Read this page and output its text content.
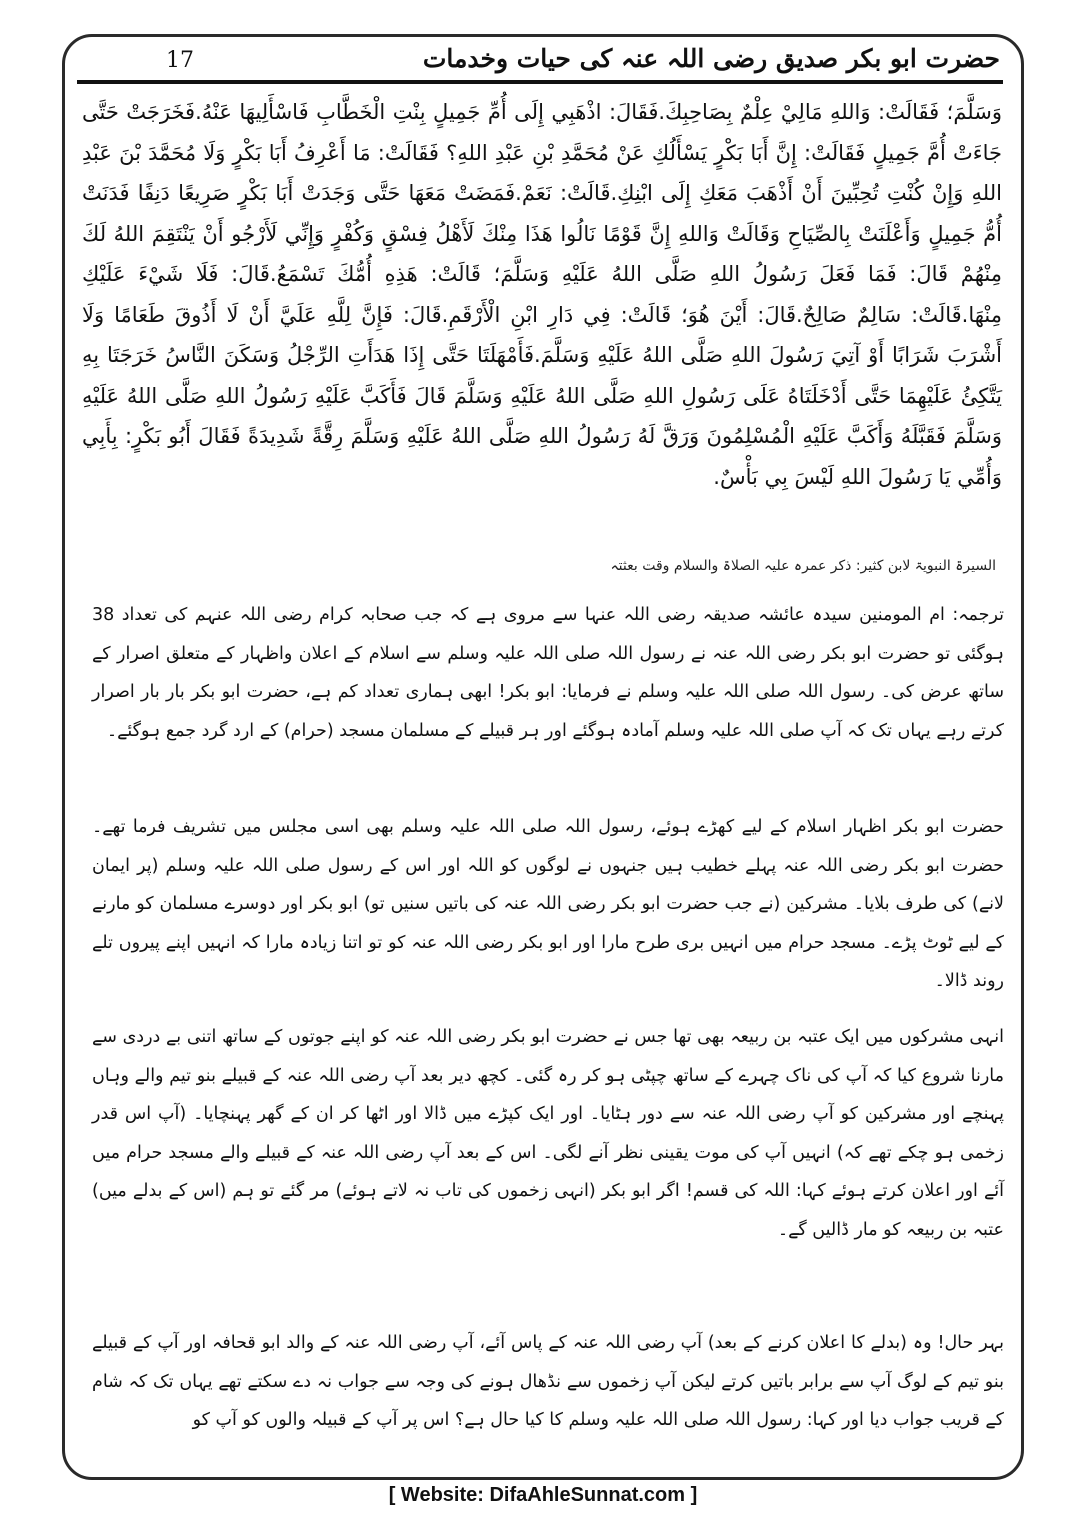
17	حضرت ابو بکر صدیق رضی اللہ عنہ کی حیات وخدمات
وَسَلَّمَ؛ فَقَالَتْ: وَاللهِ مَالِيْ عِلْمٌ بِصَاحِبِكَ.فَقَالَ: اذْهَبِي إِلَى أُمِّ جَمِيلٍ بِنْتِ الْخَطَّابِ فَاسْأَلِيهَا عَنْهُ.فَخَرَجَتْ حَتَّى جَاءَتْ أُمَّ جَمِيلٍ فَقَالَتْ: إِنَّ أَبَا بَكْرٍ يَسْأَلُكِ عَنْ مُحَمَّدِ بْنِ عَبْدِ اللهِ؟ فَقَالَتْ: مَا أَعْرِفُ أَبَا بَكْرٍ وَلَا مُحَمَّدَ بْنَ عَبْدِ اللهِ وَإِنْ كُنْتِ تُحِبِّينَ أَنْ أَذْهَبَ مَعَكِ إِلَى ابْنِكِ.قَالَتْ: نَعَمْ.فَمَضَتْ مَعَهَا حَتَّى وَجَدَتْ أَبَا بَكْرٍ صَرِيعًا دَنِفًا فَدَنَتْ أُمُّ جَمِيلٍ وَأَعْلَنَتْ بِالصِّيَاحِ وَقَالَتْ وَاللهِ إِنَّ قَوْمًا نَالُوا هَذَا مِنْكَ لَأَهْلُ فِسْقٍ وَكُفْرٍ وَإِنِّي لَأَرْجُو أَنْ يَنْتَقِمَ اللهُ لَكَ مِنْهُمْ قَالَ: فَمَا فَعَلَ رَسُولُ اللهِ صَلَّى اللهُ عَلَيْهِ وَسَلَّمَ؛ قَالَتْ: هَذِهِ أُمُّكَ تَسْمَعُ.قَالَ: فَلَا شَيْءَ عَلَيْكِ مِنْهَا.قَالَتْ: سَالِمٌ صَالِحٌ.قَالَ: أَيْنَ هُوَ؛ قَالَتْ: فِي دَارِ ابْنِ الْأَرْقَمِ.قَالَ: فَإِنَّ لِلَّهِ عَلَيَّ أَنْ لَا أَذُوقَ طَعَامًا وَلَا أَشْرَبَ شَرَابًا أَوْ آتِيَ رَسُولَ اللهِ صَلَّى اللهُ عَلَيْهِ وَسَلَّمَ.فَأَمْهَلَتَا حَتَّى إِذَا هَدَأَتِ الرِّجْلُ وَسَكَنَ النَّاسُ خَرَجَتَا بِهِ يَتَّكِئُ عَلَيْهِمَا حَتَّى أَدْخَلَتَاهُ عَلَى رَسُولِ اللهِ صَلَّى اللهُ عَلَيْهِ وَسَلَّمَ قَالَ فَأَكَبَّ عَلَيْهِ رَسُولُ اللهِ صَلَّى اللهُ عَلَيْهِ وَسَلَّمَ فَقَبَّلَهُ وَأَكَبَّ عَلَيْهِ الْمُسْلِمُونَ وَرَقَّ لَهُ رَسُولُ اللهِ صَلَّى اللهُ عَلَيْهِ وَسَلَّمَ رِقَّةً شَدِيدَةً فَقَالَ أَبُو بَكْرٍ: بِأَبِي وَأُمِّي يَا رَسُولَ اللهِ لَيْسَ بِي بَأْسٌ.
السیرۃ النبویۃ لابن کثیر: ذکر عمرہ علیہ الصلاۃ والسلام وقت بعثتہ
ترجمہ: ام المومنین سیدہ عائشہ صدیقہ رضی اللہ عنہا سے مروی ہے کہ جب صحابہ کرام رضی اللہ عنہم کی تعداد 38 ہوگئی تو حضرت ابو بکر رضی اللہ عنہ نے رسول اللہ صلی اللہ علیہ وسلم سے اسلام کے اعلان واظہار کے متعلق اصرار کے ساتھ عرض کی۔ رسول اللہ صلی اللہ علیہ وسلم نے فرمایا: ابو بکر! ابھی ہماری تعداد کم ہے، حضرت ابو بکر بار بار اصرار کرتے رہے یہاں تک کہ آپ صلی اللہ علیہ وسلم آمادہ ہوگئے اور ہر قبیلے کے مسلمان مسجد (حرام) کے ارد گرد جمع ہوگئے۔
حضرت ابو بکر اظہار اسلام کے لیے کھڑے ہوئے، رسول اللہ صلی اللہ علیہ وسلم بھی اسی مجلس میں تشریف فرما تھے۔ حضرت ابو بکر رضی اللہ عنہ پہلے خطیب ہیں جنہوں نے لوگوں کو اللہ اور اس کے رسول صلی اللہ علیہ وسلم (پر ایمان لانے) کی طرف بلایا۔ مشرکین (نے جب حضرت ابو بکر رضی اللہ عنہ کی باتیں سنیں تو) ابو بکر اور دوسرے مسلمان کو مارنے کے لیے ٹوٹ پڑے۔ مسجد حرام میں انہیں بری طرح مارا اور ابو بکر رضی اللہ عنہ کو تو اتنا زیادہ مارا کہ انہیں اپنے پیروں تلے روند ڈالا۔
انہی مشرکوں میں ایک عتبہ بن ربیعہ بھی تھا جس نے حضرت ابو بکر رضی اللہ عنہ کو اپنے جوتوں کے ساتھ اتنی بے دردی سے مارنا شروع کیا کہ آپ کی ناک چہرے کے ساتھ چپٹی ہو کر رہ گئی۔ کچھ دیر بعد آپ رضی اللہ عنہ کے قبیلے بنو تیم والے وہاں پہنچے اور مشرکین کو آپ رضی اللہ عنہ سے دور ہٹایا۔ اور ایک کپڑے میں ڈالا اور اٹھا کر ان کے گھر پہنچایا۔ (آپ اس قدر زخمی ہو چکے تھے کہ) انہیں آپ کی موت یقینی نظر آنے لگی۔ اس کے بعد آپ رضی اللہ عنہ کے قبیلے والے مسجد حرام میں آئے اور اعلان کرتے ہوئے کہا: اللہ کی قسم! اگر ابو بکر (انہی زخموں کی تاب نہ لاتے ہوئے) مر گئے تو ہم (اس کے بدلے میں) عتبہ بن ربیعہ کو مار ڈالیں گے۔
بہر حال! وہ (بدلے کا اعلان کرنے کے بعد) آپ رضی اللہ عنہ کے پاس آئے، آپ رضی اللہ عنہ کے والد ابو قحافہ اور آپ کے قبیلے بنو تیم کے لوگ آپ سے برابر باتیں کرتے لیکن آپ زخموں سے نڈھال ہونے کی وجہ سے جواب نہ دے سکتے تھے یہاں تک کہ شام کے قریب جواب دیا اور کہا: رسول اللہ صلی اللہ علیہ وسلم کا کیا حال ہے؟ اس پر آپ کے قبیلہ والوں کو آپ کو
[ Website: DifaAhleSunnat.com ]
